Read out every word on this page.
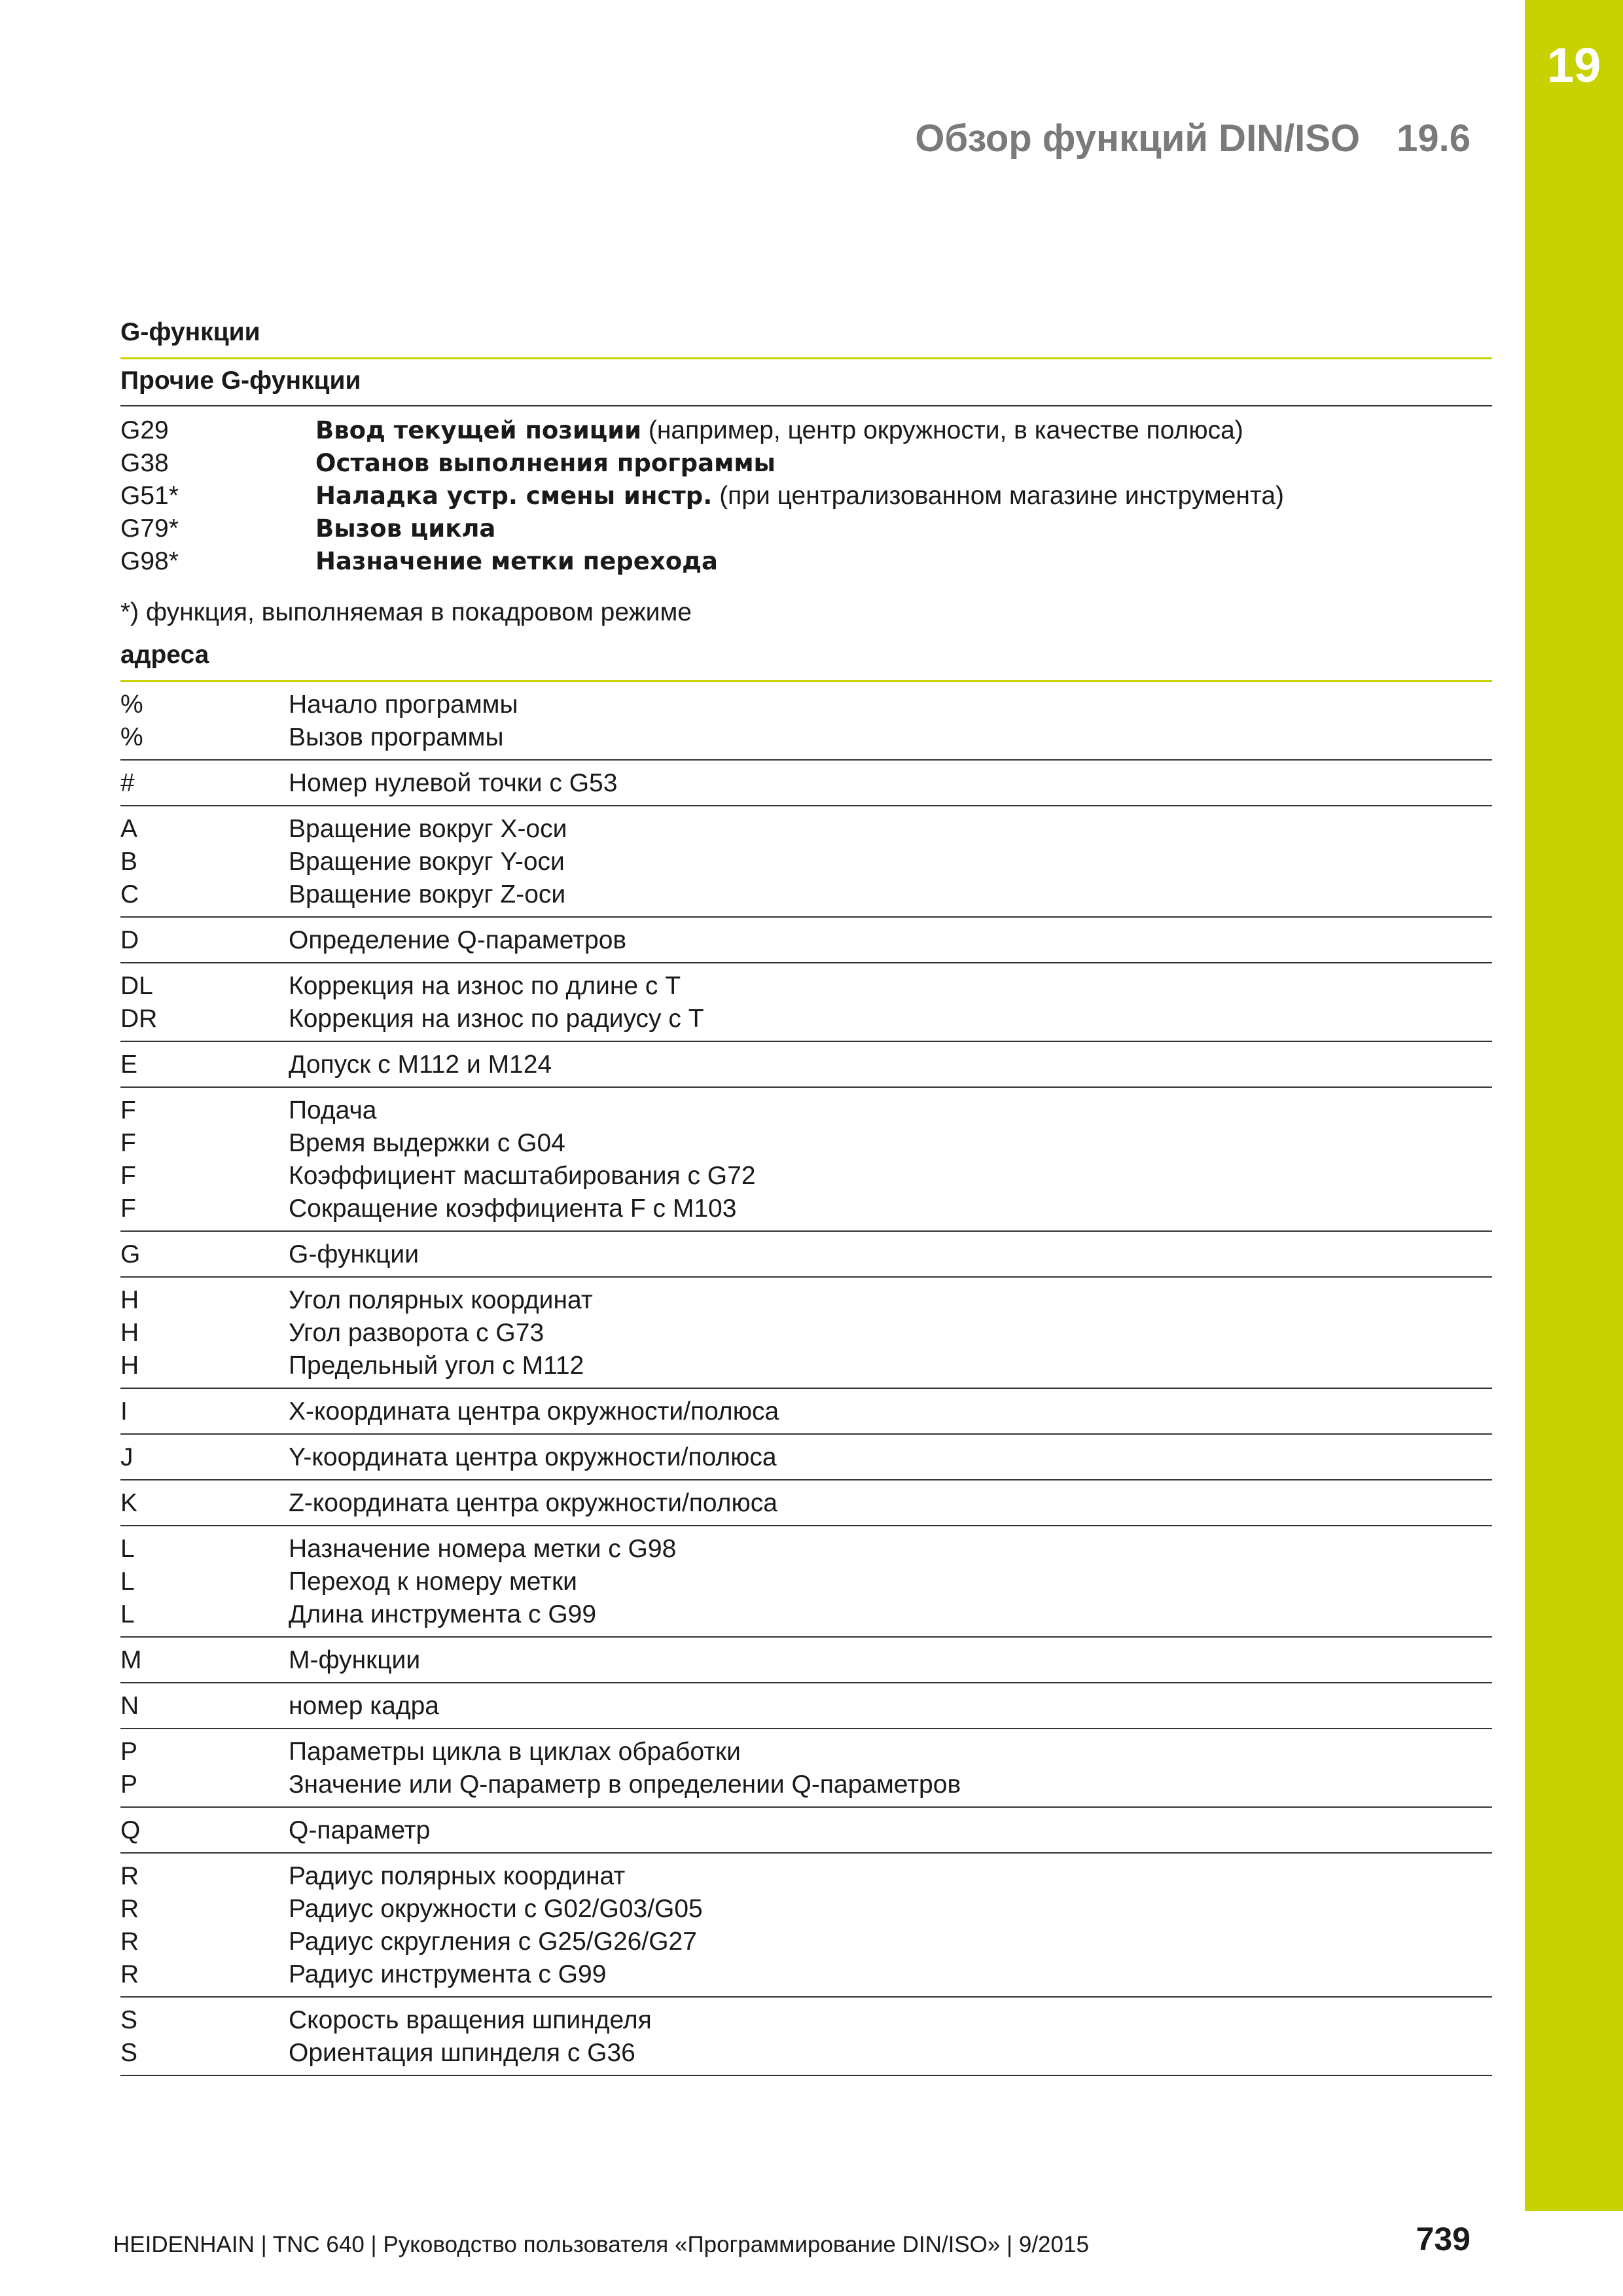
19
Обзор функций DIN/ISO 19.6
G-функции
Прочие G-функции
G29	Ввод текущей позиции (например, центр окружности, в качестве полюса)
G38	Останов выполнения программы
G51*	Наладка устр. смены инстр. (при централизованном магазине инструмента)
G79*	Вызов цикла
G98*	Назначение метки перехода
*) функция, выполняемая в покадровом режиме
адреса
%	Начало программы
%	Вызов программы
#	Номер нулевой точки с G53
A	Вращение вокруг X-оси
B	Вращение вокруг Y-оси
C	Вращение вокруг Z-оси
D	Определение Q-параметров
DL	Коррекция на износ по длине с T
DR	Коррекция на износ по радиусу с T
E	Допуск с M112 и M124
F	Подача
F	Время выдержки с G04
F	Коэффициент масштабирования с G72
F	Сокращение коэффициента F с M103
G	G-функции
H	Угол полярных координат
H	Угол разворота с G73
H	Предельный угол с M112
I	X-координата центра окружности/полюса
J	Y-координата центра окружности/полюса
K	Z-координата центра окружности/полюса
L	Назначение номера метки с G98
L	Переход к номеру метки
L	Длина инструмента с G99
M	M-функции
N	номер кадра
P	Параметры цикла в циклах обработки
P	Значение или Q-параметр в определении Q-параметров
Q	Q-параметр
R	Радиус полярных координат
R	Радиус окружности с G02/G03/G05
R	Радиус скругления с G25/G26/G27
R	Радиус инструмента с G99
S	Скорость вращения шпинделя
S	Ориентация шпинделя с G36
HEIDENHAIN | TNC 640 | Руководство пользователя «Программирование DIN/ISO» | 9/2015	739
